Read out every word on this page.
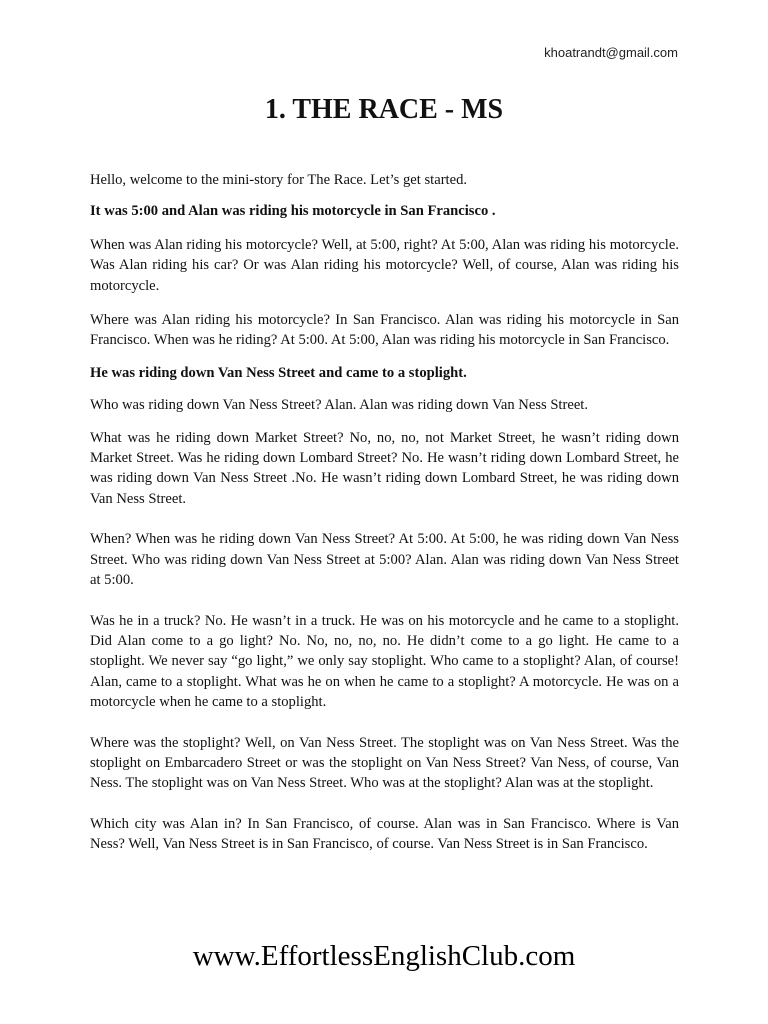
khoatrandt@gmail.com
1. THE RACE - MS

Hello, welcome to the mini-story for The Race. Let’s get started.

It was 5:00 and Alan was riding his motorcycle in San Francisco .

When was Alan riding his motorcycle? Well, at 5:00, right? At 5:00, Alan was riding his motorcycle. Was Alan riding his car? Or was Alan riding his motorcycle? Well, of course, Alan was riding his motorcycle.

Where was Alan riding his motorcycle? In San Francisco. Alan was riding his motorcycle in San Francisco. When was he riding? At 5:00. At 5:00, Alan was riding his motorcycle in San Francisco.

He was riding down Van Ness Street and came to a stoplight.

Who was riding down Van Ness Street? Alan. Alan was riding down Van Ness Street.

What was he riding down Market Street? No, no, no, not Market Street, he wasn’t riding down Market Street. Was he riding down Lombard Street? No. He wasn’t riding down Lombard Street, he was riding down Van Ness Street .No. He wasn’t riding down Lombard Street, he was riding down Van Ness Street.

When? When was he riding down Van Ness Street? At 5:00. At 5:00, he was riding down Van Ness Street. Who was riding down Van Ness Street at 5:00? Alan. Alan was riding down Van Ness Street at 5:00.

Was he in a truck? No. He wasn’t in a truck. He was on his motorcycle and he came to a stoplight. Did Alan come to a go light? No. No, no, no, no. He didn’t come to a go light. He came to a stoplight. We never say “go light,” we only say stoplight. Who came to a stoplight? Alan, of course! Alan, came to a stoplight. What was he on when he came to a stoplight? A motorcycle. He was on a motorcycle when he came to a stoplight.

Where was the stoplight? Well, on Van Ness Street. The stoplight was on Van Ness Street. Was the stoplight on Embarcadero Street or was the stoplight on Van Ness Street? Van Ness, of course, Van Ness. The stoplight was on Van Ness Street. Who was at the stoplight? Alan was at the stoplight.

Which city was Alan in? In San Francisco, of course. Alan was in San Francisco. Where is Van Ness? Well, Van Ness Street is in San Francisco, of course. Van Ness Street is in San Francisco.

www.EffortlessEnglishClub.com
